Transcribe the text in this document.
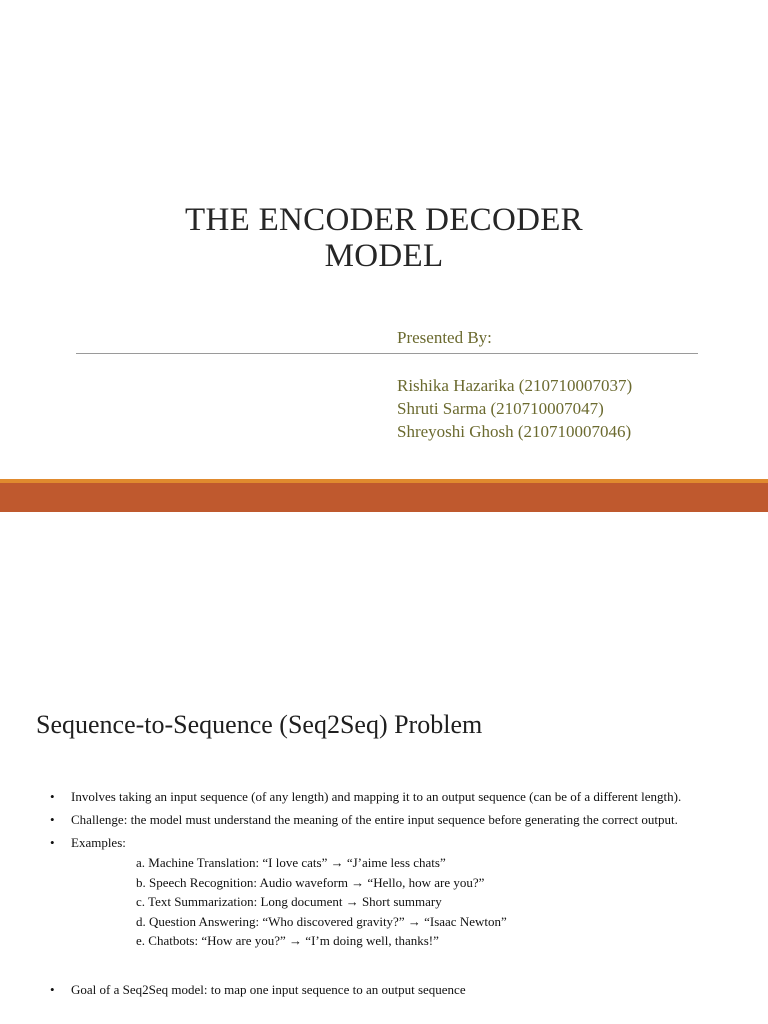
THE ENCODER DECODER
MODEL
Presented By:
Rishika Hazarika (210710007037)
Shruti Sarma (210710007047)
Shreyoshi Ghosh (210710007046)
Sequence-to-Sequence (Seq2Seq) Problem
• Involves taking an input sequence (of any length) and mapping it to an output sequence (can be of a different length).
• Challenge: the model must understand the meaning of the entire input sequence before generating the correct output.
• Examples:
a. Machine Translation: “I love cats” → “J’aime less chats”
b. Speech Recognition: Audio waveform → “Hello, how are you?”
c. Text Summarization: Long document → Short summary
d. Question Answering: “Who discovered gravity?” → “Isaac Newton”
e. Chatbots: “How are you?” → “I’m doing well, thanks!”
• Goal of a Seq2Seq model: to map one input sequence to an output sequence
